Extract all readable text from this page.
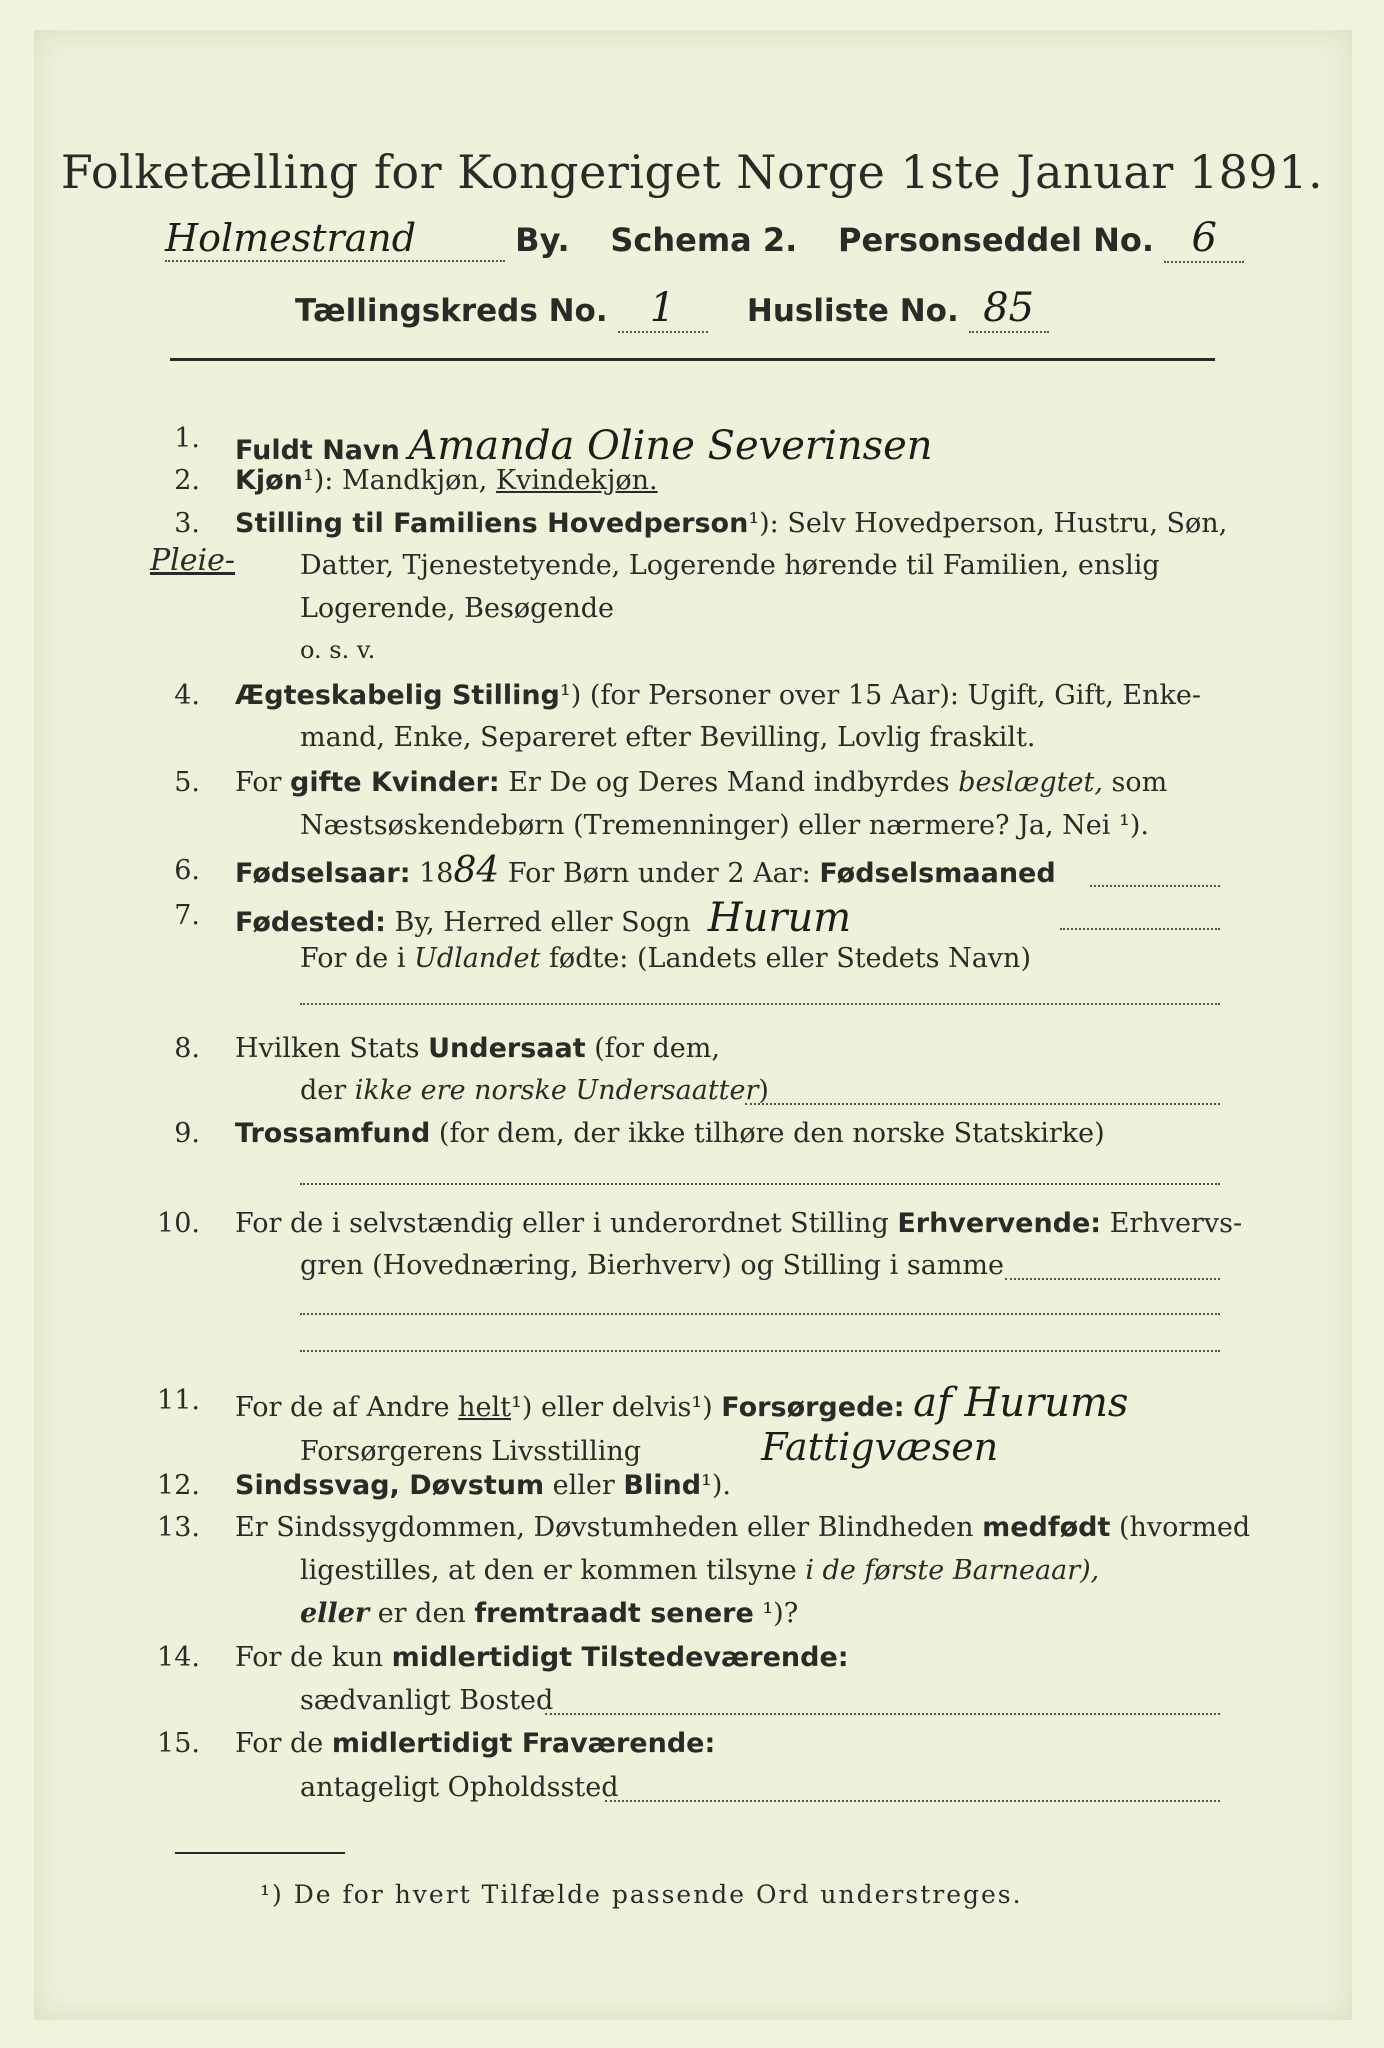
Folketælling for Kongeriget Norge 1ste Januar 1891.
Holmestrand	By. Schema 2. Personseddel No. 6
Tællingskreds No. 1 Husliste No. 85
1. Fuldt Navn Amanda Oline Severinsen
2. Kjøn¹): Mandkjøn, Kvindekjøn.
3. Stilling til Familiens Hovedperson¹): Selv Hovedperson, Hustru, Søn,
Pleie- Datter, Tjenestetyende, Logerende hørende til Familien, enslig
Logerende, Besøgende
o. s. v.
4. Ægteskabelig Stilling¹) (for Personer over 15 Aar): Ugift, Gift, Enke-
mand, Enke, Separeret efter Bevilling, Lovlig fraskilt.
5. For gifte Kvinder: Er De og Deres Mand indbyrdes beslægtet, som
Næstsøskendebørn (Tremenninger) eller nærmere? Ja, Nei ¹).
6. Fødselsaar: 1884 For Børn under 2 Aar: Fødselsmaaned
7. Fødested: By, Herred eller Sogn Hurum
For de i Udlandet fødte: (Landets eller Stedets Navn)
8. Hvilken Stats Undersaat (for dem,
der ikke ere norske Undersaatter)
9. Trossamfund (for dem, der ikke tilhøre den norske Statskirke)
10. For de i selvstændig eller i underordnet Stilling Erhvervende: Erhvervs-
gren (Hovednæring, Bierhverv) og Stilling i samme
11. For de af Andre helt¹) eller delvis¹) Forsørgede: af Hurums
Forsørgerens Livsstilling	Fattigvæsen
12. Sindssvag, Døvstum eller Blind¹).
13. Er Sindssygdommen, Døvstumheden eller Blindheden medfødt (hvormed
ligestilles, at den er kommen tilsyne i de første Barneaar),
eller er den fremtraadt senere ¹)?
14. For de kun midlertidigt Tilstedeværende:
sædvanligt Bosted
15. For de midlertidigt Fraværende:
antageligt Opholdssted
¹) De for hvert Tilfælde passende Ord understreges.
